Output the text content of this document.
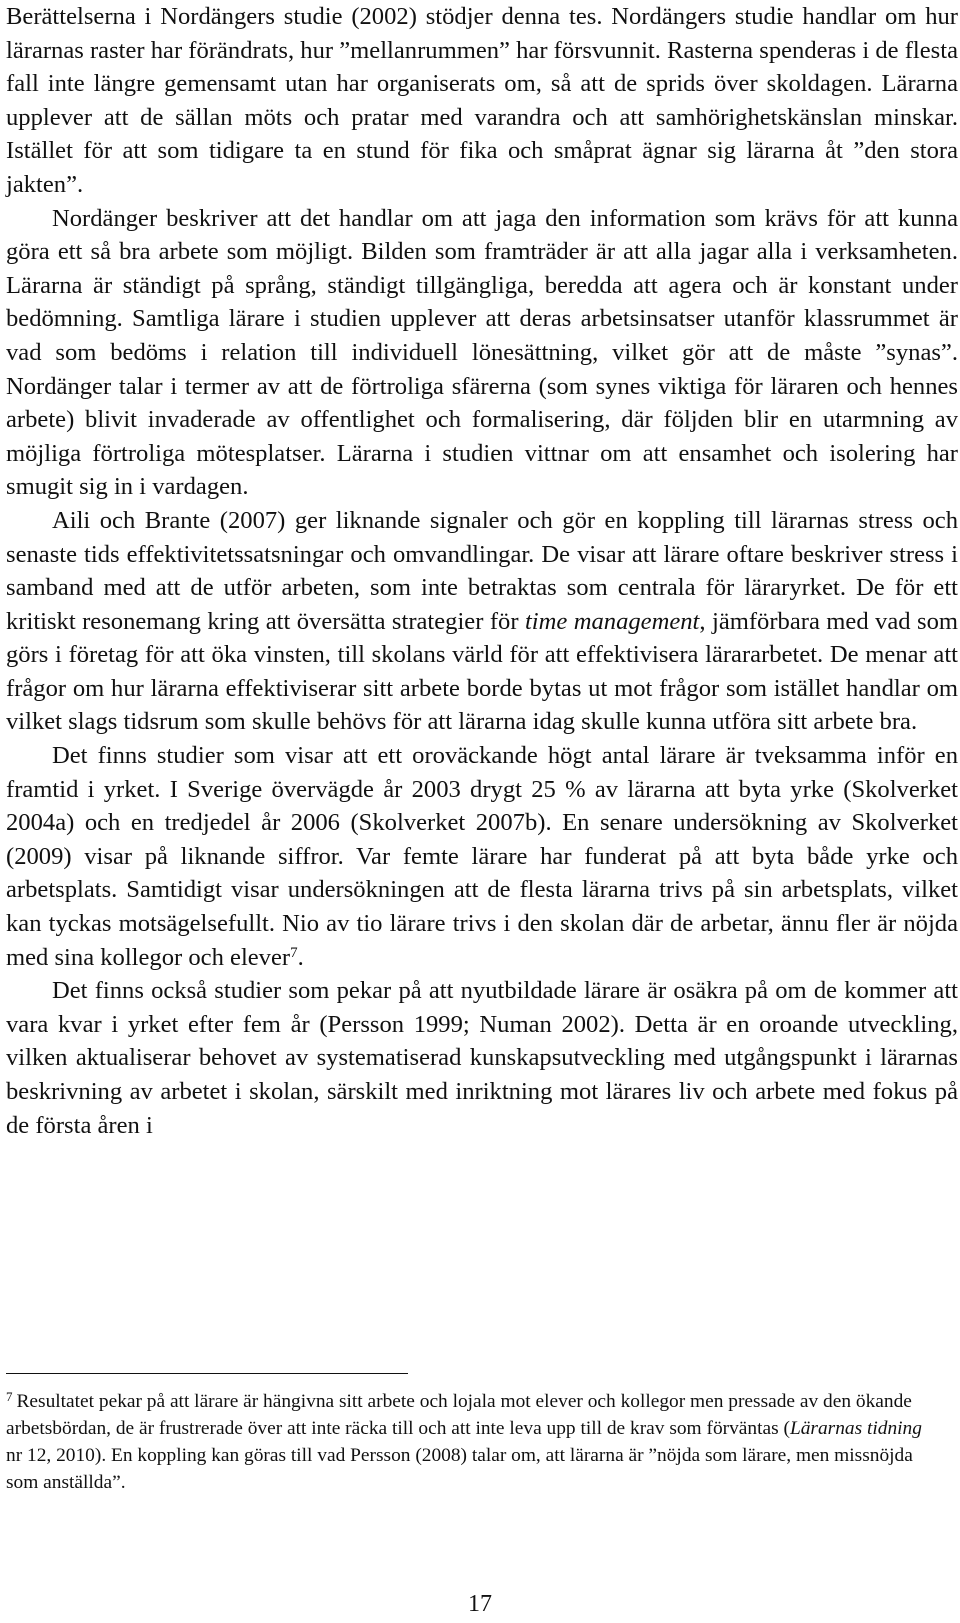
Berättelserna i Nordängers studie (2002) stödjer denna tes. Nordängers studie handlar om hur lärarnas raster har förändrats, hur ”mellanrummen” har försvunnit. Rasterna spenderas i de flesta fall inte längre gemensamt utan har organiserats om, så att de sprids över skoldagen. Lärarna upplever att de sällan möts och pratar med varandra och att samhörighetskänslan minskar. Istället för att som tidigare ta en stund för fika och småprat ägnar sig lärarna åt ”den stora jakten”.

Nordänger beskriver att det handlar om att jaga den information som krävs för att kunna göra ett så bra arbete som möjligt. Bilden som framträder är att alla jagar alla i verksamheten. Lärarna är ständigt på språng, ständigt tillgängliga, beredda att agera och är konstant under bedömning. Samtliga lärare i studien upplever att deras arbetsinsatser utanför klassrummet är vad som bedöms i relation till individuell lönesättning, vilket gör att de måste ”synas”. Nordänger talar i termer av att de förtroliga sfärerna (som synes viktiga för läraren och hennes arbete) blivit invaderade av offentlighet och formalisering, där följden blir en utarmning av möjliga förtroliga mötesplatser. Lärarna i studien vittnar om att ensamhet och isolering har smugit sig in i vardagen.

Aili och Brante (2007) ger liknande signaler och gör en koppling till lärarnas stress och senaste tids effektivitetssatsningar och omvandlingar. De visar att lärare oftare beskriver stress i samband med att de utför arbeten, som inte betraktas som centrala för läraryrket. De för ett kritiskt resonemang kring att översätta strategier för time management, jämförbara med vad som görs i företag för att öka vinsten, till skolans värld för att effektivisera lärararbetet. De menar att frågor om hur lärarna effektiviserar sitt arbete borde bytas ut mot frågor som istället handlar om vilket slags tidsrum som skulle behövs för att lärarna idag skulle kunna utföra sitt arbete bra.

Det finns studier som visar att ett oroväckande högt antal lärare är tveksamma inför en framtid i yrket. I Sverige övervägde år 2003 drygt 25 % av lärarna att byta yrke (Skolverket 2004a) och en tredjedel år 2006 (Skolverket 2007b). En senare undersökning av Skolverket (2009) visar på liknande siffror. Var femte lärare har funderat på att byta både yrke och arbetsplats. Samtidigt visar undersökningen att de flesta lärarna trivs på sin arbetsplats, vilket kan tyckas motsägelsefullt. Nio av tio lärare trivs i den skolan där de arbetar, ännu fler är nöjda med sina kollegor och elever$^7$.

Det finns också studier som pekar på att nyutbildade lärare är osäkra på om de kommer att vara kvar i yrket efter fem år (Persson 1999; Numan 2002). Detta är en oroande utveckling, vilken aktualiserar behovet av systematiserad kunskapsutveckling med utgångspunkt i lärarnas beskrivning av arbetet i skolan, särskilt med inriktning mot lärares liv och arbete med fokus på de första åren i

$^7$ Resultatet pekar på att lärare är hängivna sitt arbete och lojala mot elever och kollegor men pressade av den ökande arbetsbördan, de är frustrerade över att inte räcka till och att inte leva upp till de krav som förväntas (Lärarnas tidning nr 12, 2010). En koppling kan göras till vad Persson (2008) talar om, att lärarna är ”nöjda som lärare, men missnöjda som anställda”.

17
